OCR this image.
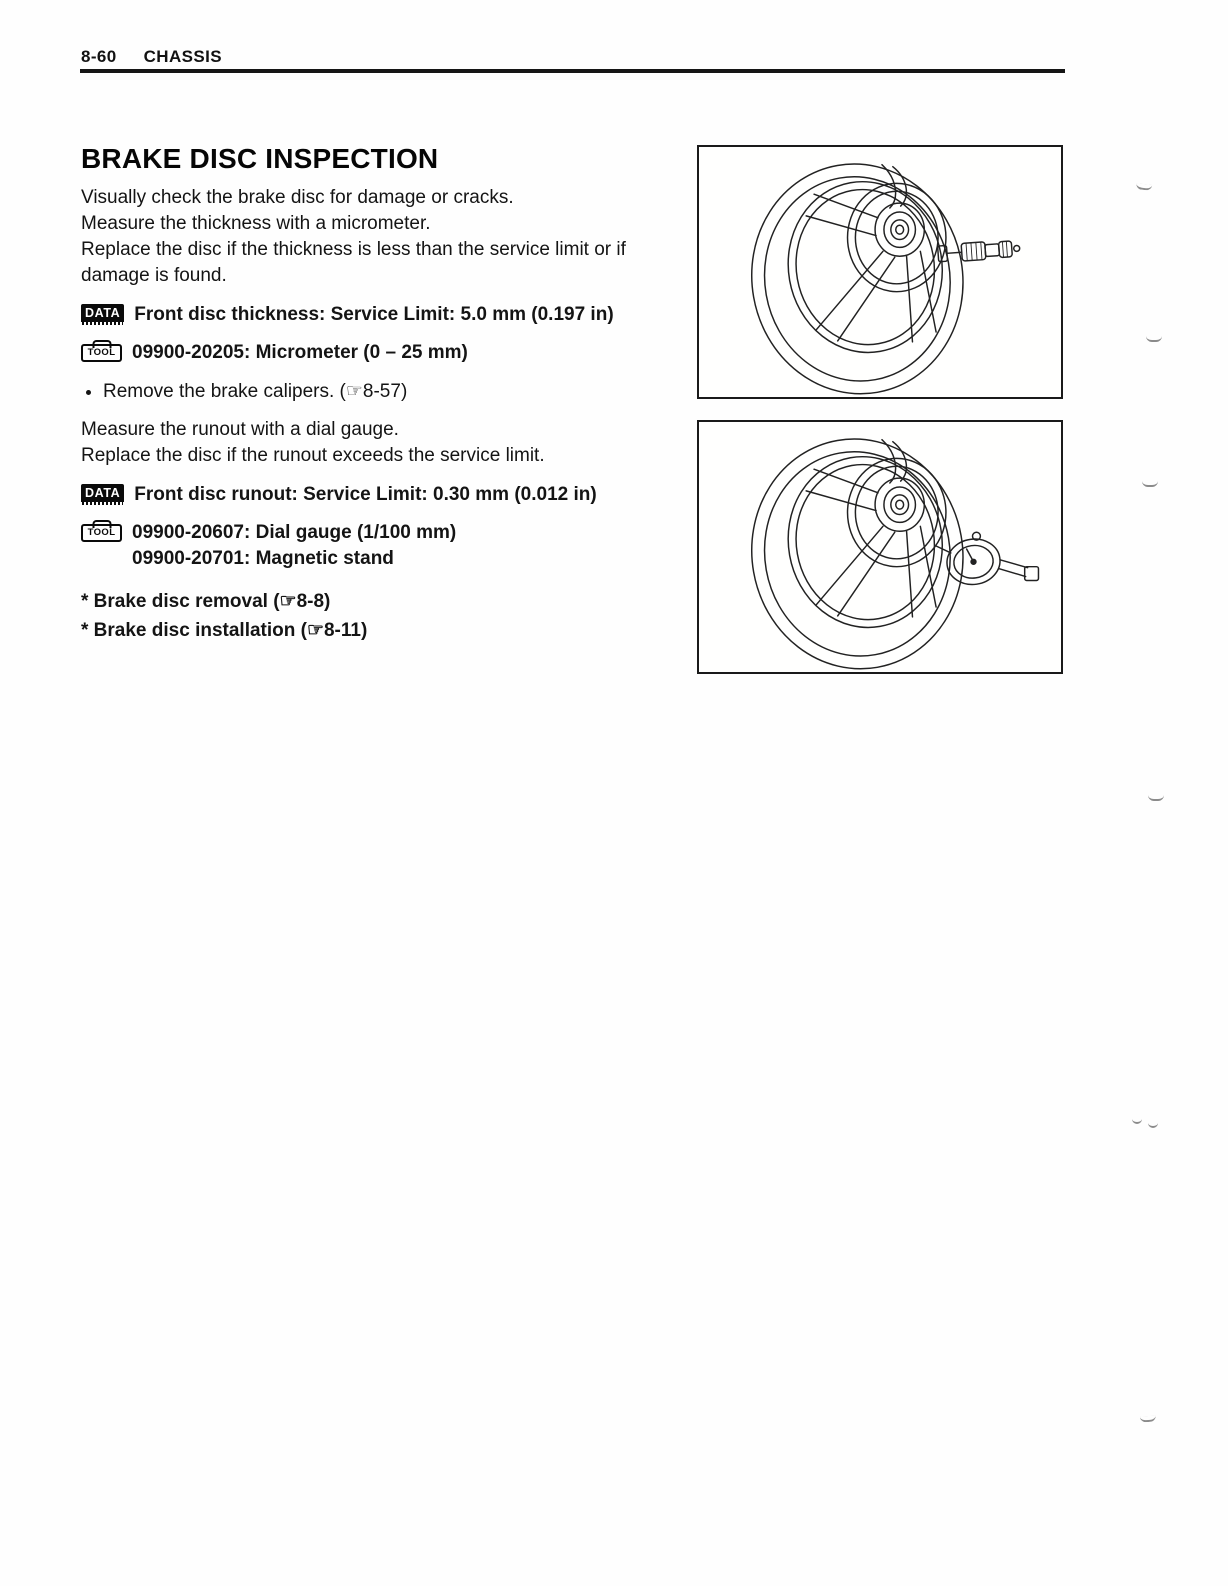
8-60 CHASSIS
BRAKE DISC INSPECTION
Visually check the brake disc for damage or cracks.
Measure the thickness with a micrometer.
Replace the disc if the thickness is less than the service limit or if damage is found.
DATA Front disc thickness: Service Limit: 5.0 mm (0.197 in)
TOOL 09900-20205: Micrometer (0 – 25 mm)
• Remove the brake calipers. (☞8-57)
Measure the runout with a dial gauge.
Replace the disc if the runout exceeds the service limit.
DATA Front disc runout: Service Limit: 0.30 mm (0.012 in)
TOOL 09900-20607: Dial gauge (1/100 mm)
09900-20701: Magnetic stand
* Brake disc removal (☞8-8)
* Brake disc installation (☞8-11)
